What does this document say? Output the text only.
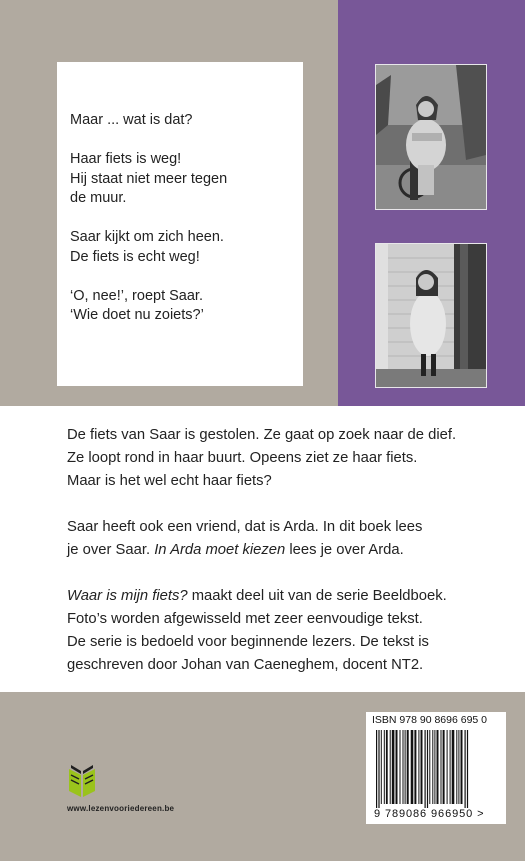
Maar ... wat is dat?

Haar fiets is weg!
Hij staat niet meer tegen
de muur.

Saar kijkt om zich heen.
De fiets is echt weg!

‘O, nee!’, roept Saar.
‘Wie doet nu zoiets?’

De fiets van Saar is gestolen. Ze gaat op zoek naar de dief.
Ze loopt rond in haar buurt. Opeens ziet ze haar fiets.
Maar is het wel echt haar fiets?

Saar heeft ook een vriend, dat is Arda. In dit boek lees
je over Saar. In Arda moet kiezen lees je over Arda.

Waar is mijn fiets? maakt deel uit van de serie Beeldboek.
Foto’s worden afgewisseld met zeer eenvoudige tekst.
De serie is bedoeld voor beginnende lezers. De tekst is
geschreven door Johan van Caeneghem, docent NT2.

www.lezenvooriedereen.be
ISBN 978 90 8696 695 0
9 789086 966950 >
